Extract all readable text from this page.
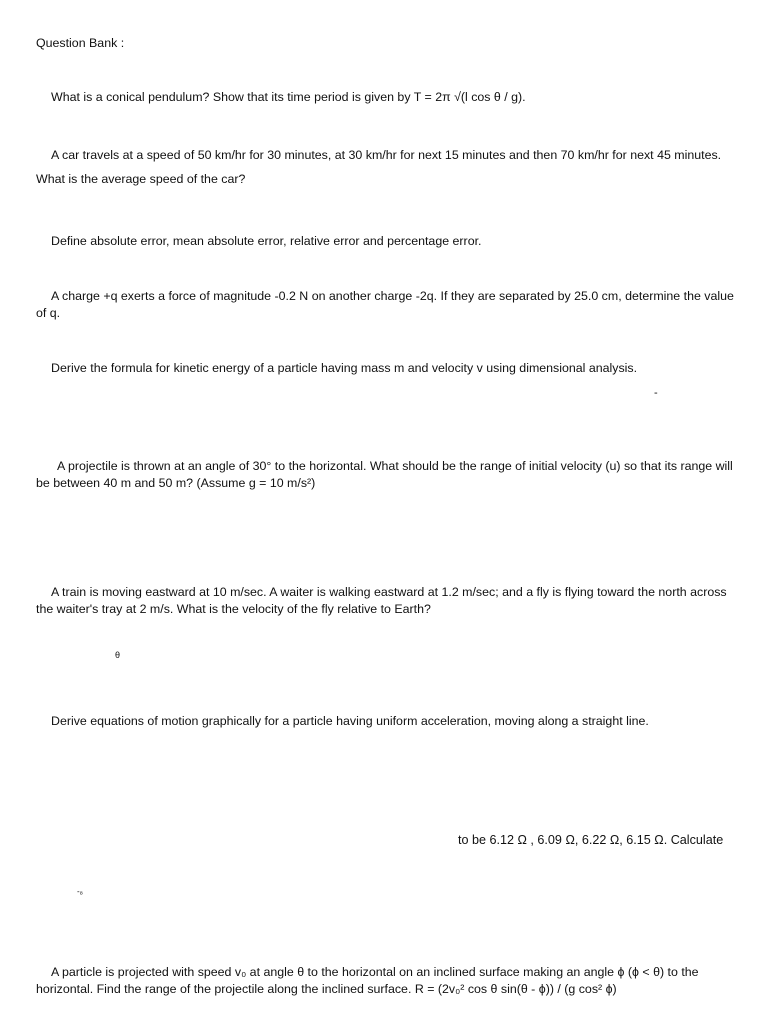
Question Bank :
What is a conical pendulum? Show that its time period is given by T = 2π √(l cos θ / g).
A car travels at a speed of 50 km/hr for 30 minutes, at 30 km/hr for next 15 minutes and then 70 km/hr for next 45 minutes. What is the average speed of the car?
Define absolute error, mean absolute error, relative error and percentage error.
A charge +q exerts a force of magnitude -0.2 N on another charge -2q. If they are separated by 25.0 cm, determine the value of q.
Derive the formula for kinetic energy of a particle having mass m and velocity v using dimensional analysis.
-
A projectile is thrown at an angle of 30° to the horizontal. What should be the range of initial velocity (u) so that its range will be between 40 m and 50 m? (Assume g = 10 m/s²)
A train is moving eastward at 10 m/sec. A waiter is walking eastward at 1.2 m/sec; and a fly is flying toward the north across the waiter's tray at 2 m/s. What is the velocity of the fly relative to Earth?
θ
Derive equations of motion graphically for a particle having uniform acceleration, moving along a straight line.
to be 6.12 Ω , 6.09 Ω, 6.22 Ω, 6.15 Ω. Calculate
-₈
A particle is projected with speed v₀ at angle θ to the horizontal on an inclined surface making an angle ϕ (ϕ < θ) to the horizontal. Find the range of the projectile along the inclined surface. R = (2v₀² cos θ sin(θ - ϕ)) / (g cos² ϕ)
